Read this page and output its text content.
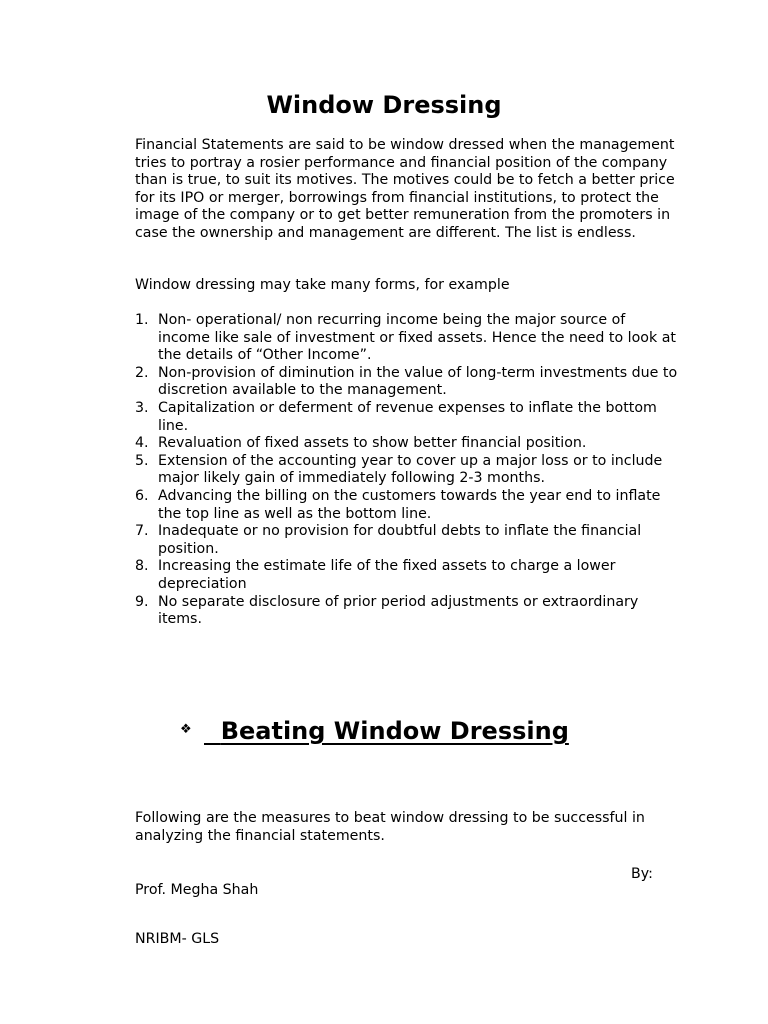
Window Dressing

Financial Statements are said to be window dressed when the management tries to portray a rosier performance and financial position of the company than is true, to suit its motives. The motives could be to fetch a better price for its IPO or merger, borrowings from financial institutions, to protect the image of the company or to get better remuneration from the promoters in case the ownership and management are different. The list is endless.

Window dressing may take many forms, for example

1. Non- operational/ non recurring income being the major source of income like sale of investment or fixed assets. Hence the need to look at the details of “Other Income”.
2. Non-provision of diminution in the value of long-term investments due to discretion available to the management.
3. Capitalization or deferment of revenue expenses to inflate the bottom line.
4. Revaluation of fixed assets to show better financial position.
5. Extension of the accounting year to cover up a major loss or to include major likely gain of immediately following 2-3 months.
6. Advancing the billing on the customers towards the year end to inflate the top line as well as the bottom line.
7. Inadequate or no provision for doubtful debts to inflate the financial position.
8. Increasing the estimate life of the fixed assets to charge a lower depreciation
9. No separate disclosure of prior period adjustments or extraordinary items.
❖ Beating Window Dressing

Following are the measures to beat window dressing to be successful in analyzing the financial statements.

By:

Prof. Megha Shah

NRIBM- GLS
